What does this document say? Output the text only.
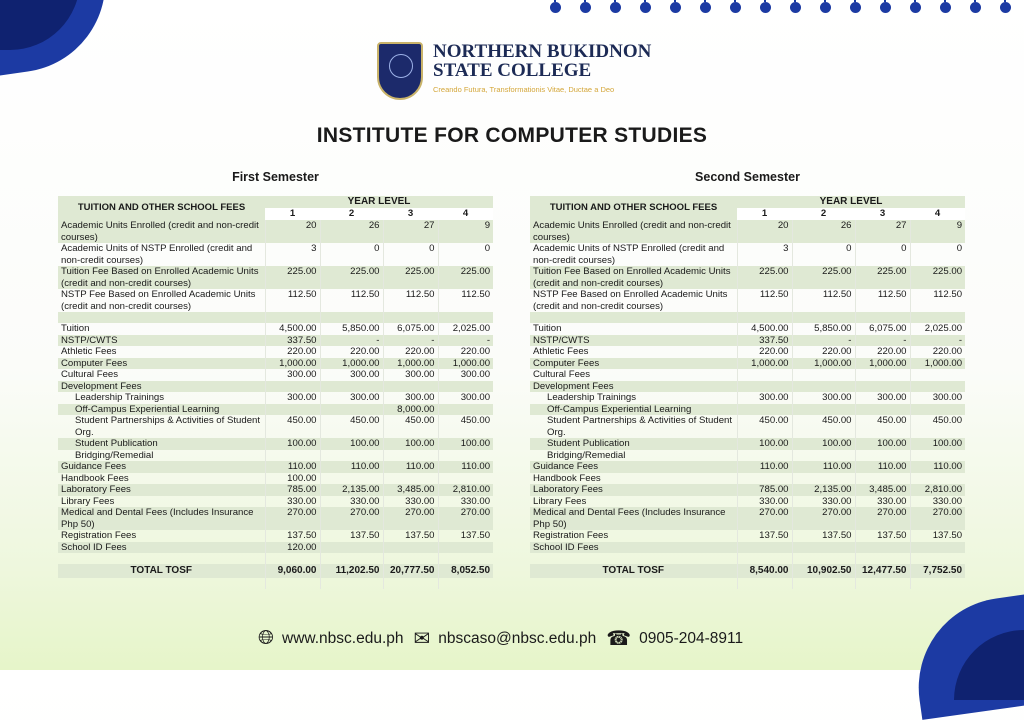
NORTHERN BUKIDNON
STATE COLLEGE
Creando Futura, Transformationis Vitae, Ductae a Deo
INSTITUTE FOR COMPUTER STUDIES
First Semester	Second Semester
TUITION AND OTHER SCHOOL FEES	YEAR LEVEL			
	1	2	3	4
Academic Units Enrolled (credit and non-credit courses)	20	26	27	9
Academic Units of NSTP Enrolled (credit and non-credit courses)	3	0	0	0
Tuition Fee Based on Enrolled Academic Units (credit and non-credit courses)	225.00	225.00	225.00	225.00
NSTP Fee Based on Enrolled Academic Units (credit and non-credit courses)	112.50	112.50	112.50	112.50

Tuition	4,500.00	5,850.00	6,075.00	2,025.00
NSTP/CWTS	337.50	-	-	-
Athletic Fees	220.00	220.00	220.00	220.00
Computer Fees	1,000.00	1,000.00	1,000.00	1,000.00
Cultural Fees	300.00	300.00	300.00	300.00
Development Fees				
Leadership Trainings	300.00	300.00	300.00	300.00
Off-Campus Experiential Learning			8,000.00	
Student Partnerships & Activities of Student Org.	450.00	450.00	450.00	450.00
Student Publication	100.00	100.00	100.00	100.00
Bridging/Remedial				
Guidance Fees	110.00	110.00	110.00	110.00
Handbook Fees	100.00			
Laboratory Fees	785.00	2,135.00	3,485.00	2,810.00
Library Fees	330.00	330.00	330.00	330.00
Medical and Dental Fees (Includes Insurance Php 50)	270.00	270.00	270.00	270.00
Registration Fees	137.50	137.50	137.50	137.50
School ID Fees	120.00			

TOTAL TOSF	9,060.00	11,202.50	20,777.50	8,052.50

TUITION AND OTHER SCHOOL FEES	YEAR LEVEL			
	1	2	3	4
Academic Units Enrolled (credit and non-credit courses)	20	26	27	9
Academic Units of NSTP Enrolled (credit and non-credit courses)	3	0	0	0
Tuition Fee Based on Enrolled Academic Units (credit and non-credit courses)	225.00	225.00	225.00	225.00
NSTP Fee Based on Enrolled Academic Units (credit and non-credit courses)	112.50	112.50	112.50	112.50

Tuition	4,500.00	5,850.00	6,075.00	2,025.00
NSTP/CWTS	337.50	-	-	-
Athletic Fees	220.00	220.00	220.00	220.00
Computer Fees	1,000.00	1,000.00	1,000.00	1,000.00
Cultural Fees				
Development Fees				
Leadership Trainings	300.00	300.00	300.00	300.00
Off-Campus Experiential Learning				
Student Partnerships & Activities of Student Org.	450.00	450.00	450.00	450.00
Student Publication	100.00	100.00	100.00	100.00
Bridging/Remedial				
Guidance Fees	110.00	110.00	110.00	110.00
Handbook Fees				
Laboratory Fees	785.00	2,135.00	3,485.00	2,810.00
Library Fees	330.00	330.00	330.00	330.00
Medical and Dental Fees (Includes Insurance Php 50)	270.00	270.00	270.00	270.00
Registration Fees	137.50	137.50	137.50	137.50
School ID Fees				

TOTAL TOSF	8,540.00	10,902.50	12,477.50	7,752.50

🌐︎ www.nbsc.edu.ph ✉︎ nbscaso@nbsc.edu.ph ☎︎ 0905-204-8911
